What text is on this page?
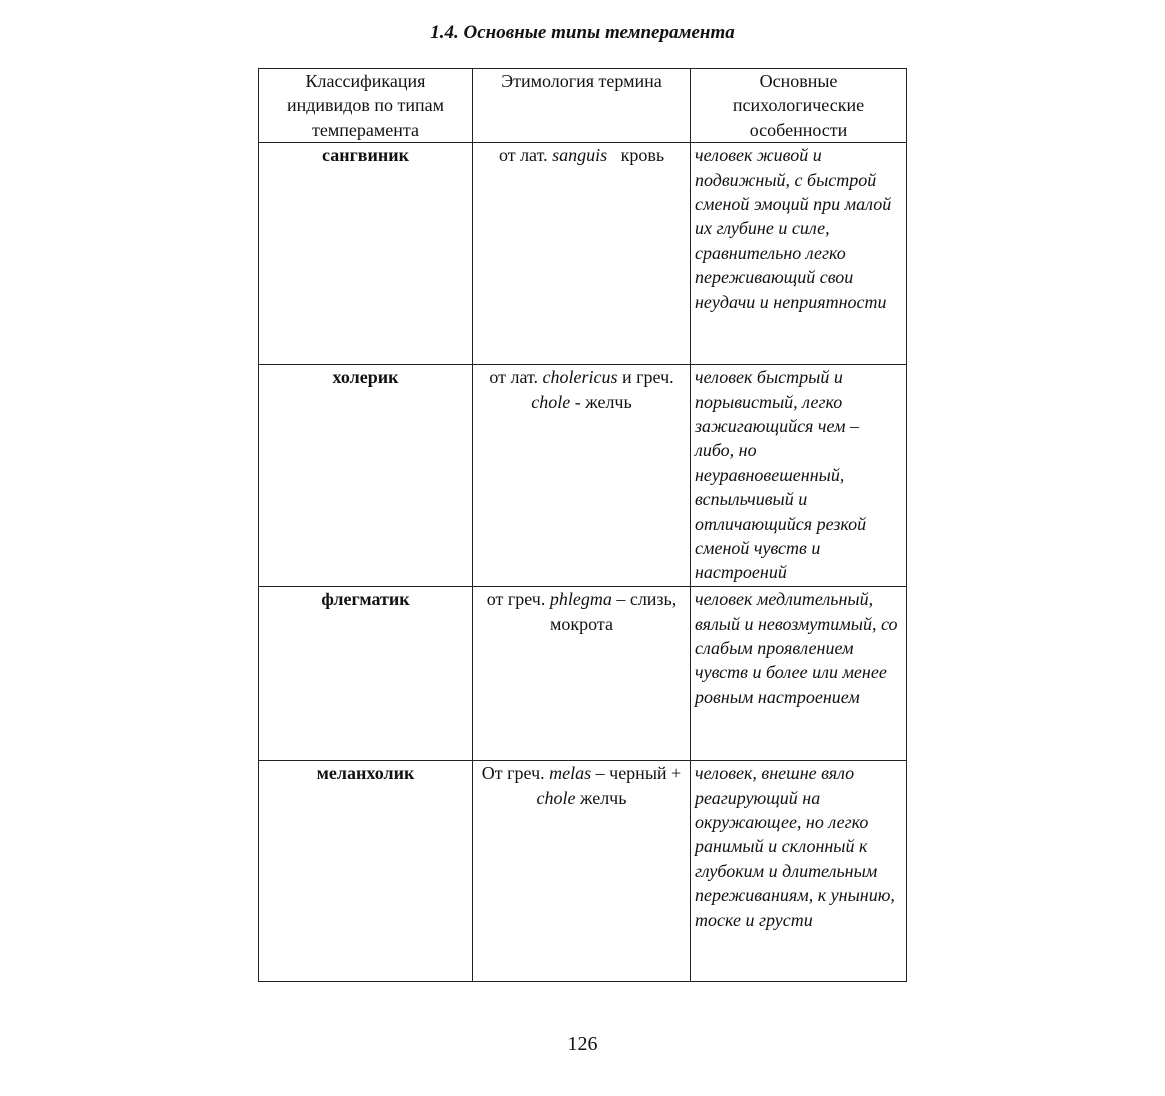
1.4. Основные типы темперамента
Классификация индивидов по типам темперамента	Этимология термина	Основные психологические особенности
сангвиник	от лат. sanguis   кровь	человек живой и подвижный, с быстрой сменой эмоций при малой их глубине и силе, сравнительно легко переживающий свои неудачи и неприятности
холерик	от лат. cholericus и греч. chole - желчь	человек быстрый и порывистый, легко зажигающийся чем – либо, но неуравновешенный, вспыльчивый и отличающийся резкой сменой чувств и настроений
флегматик	от греч. phlegma – слизь, мокрота	человек медлительный, вялый и невозмутимый, со слабым проявлением чувств и более или менее ровным настроением
меланхолик	От греч. melas – черный + chole желчь	человек, внешне вяло реагирующий на окружающее, но легко ранимый и склонный к глубоким и длительным переживаниям, к унынию, тоске и грусти
126
